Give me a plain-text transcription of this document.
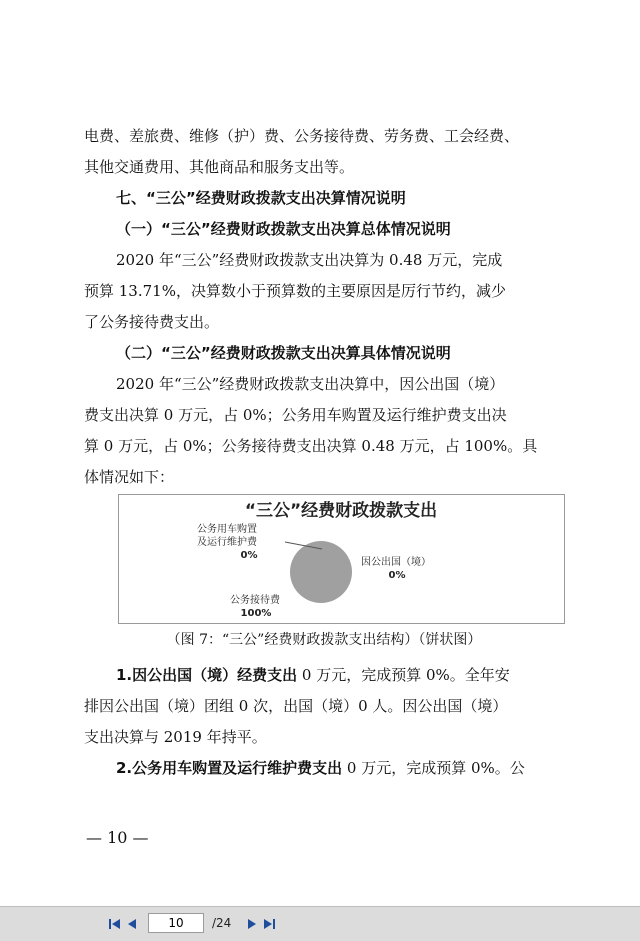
电费、差旅费、维修（护）费、公务接待费、劳务费、工会经费、
其他交通费用、其他商品和服务支出等。
七、“三公”经费财政拨款支出决算情况说明
（一）“三公”经费财政拨款支出决算总体情况说明
2020 年“三公”经费财政拨款支出决算为 0.48 万元，完成
预算 13.71%，决算数小于预算数的主要原因是厉行节约，减少
了公务接待费支出。
（二）“三公”经费财政拨款支出决算具体情况说明
2020 年“三公”经费财政拨款支出决算中，因公出国（境）
费支出决算 0 万元，占 0%；公务用车购置及运行维护费支出决
算 0 万元，占 0%；公务接待费支出决算 0.48 万元，占 100%。具
体情况如下：
“三公”经费财政拨款支出
公务用车购置
及运行维护费
0%
因公出国（境）
0%
公务接待费
100%
（图 7：“三公”经费财政拨款支出结构）（饼状图）
1.因公出国（境）经费支出 0 万元，完成预算 0%。全年安
排因公出国（境）团组 0 次，出国（境）0 人。因公出国（境）
支出决算与 2019 年持平。
2.公务用车购置及运行维护费支出 0 万元，完成预算 0%。公
— 10 —
10
/24
